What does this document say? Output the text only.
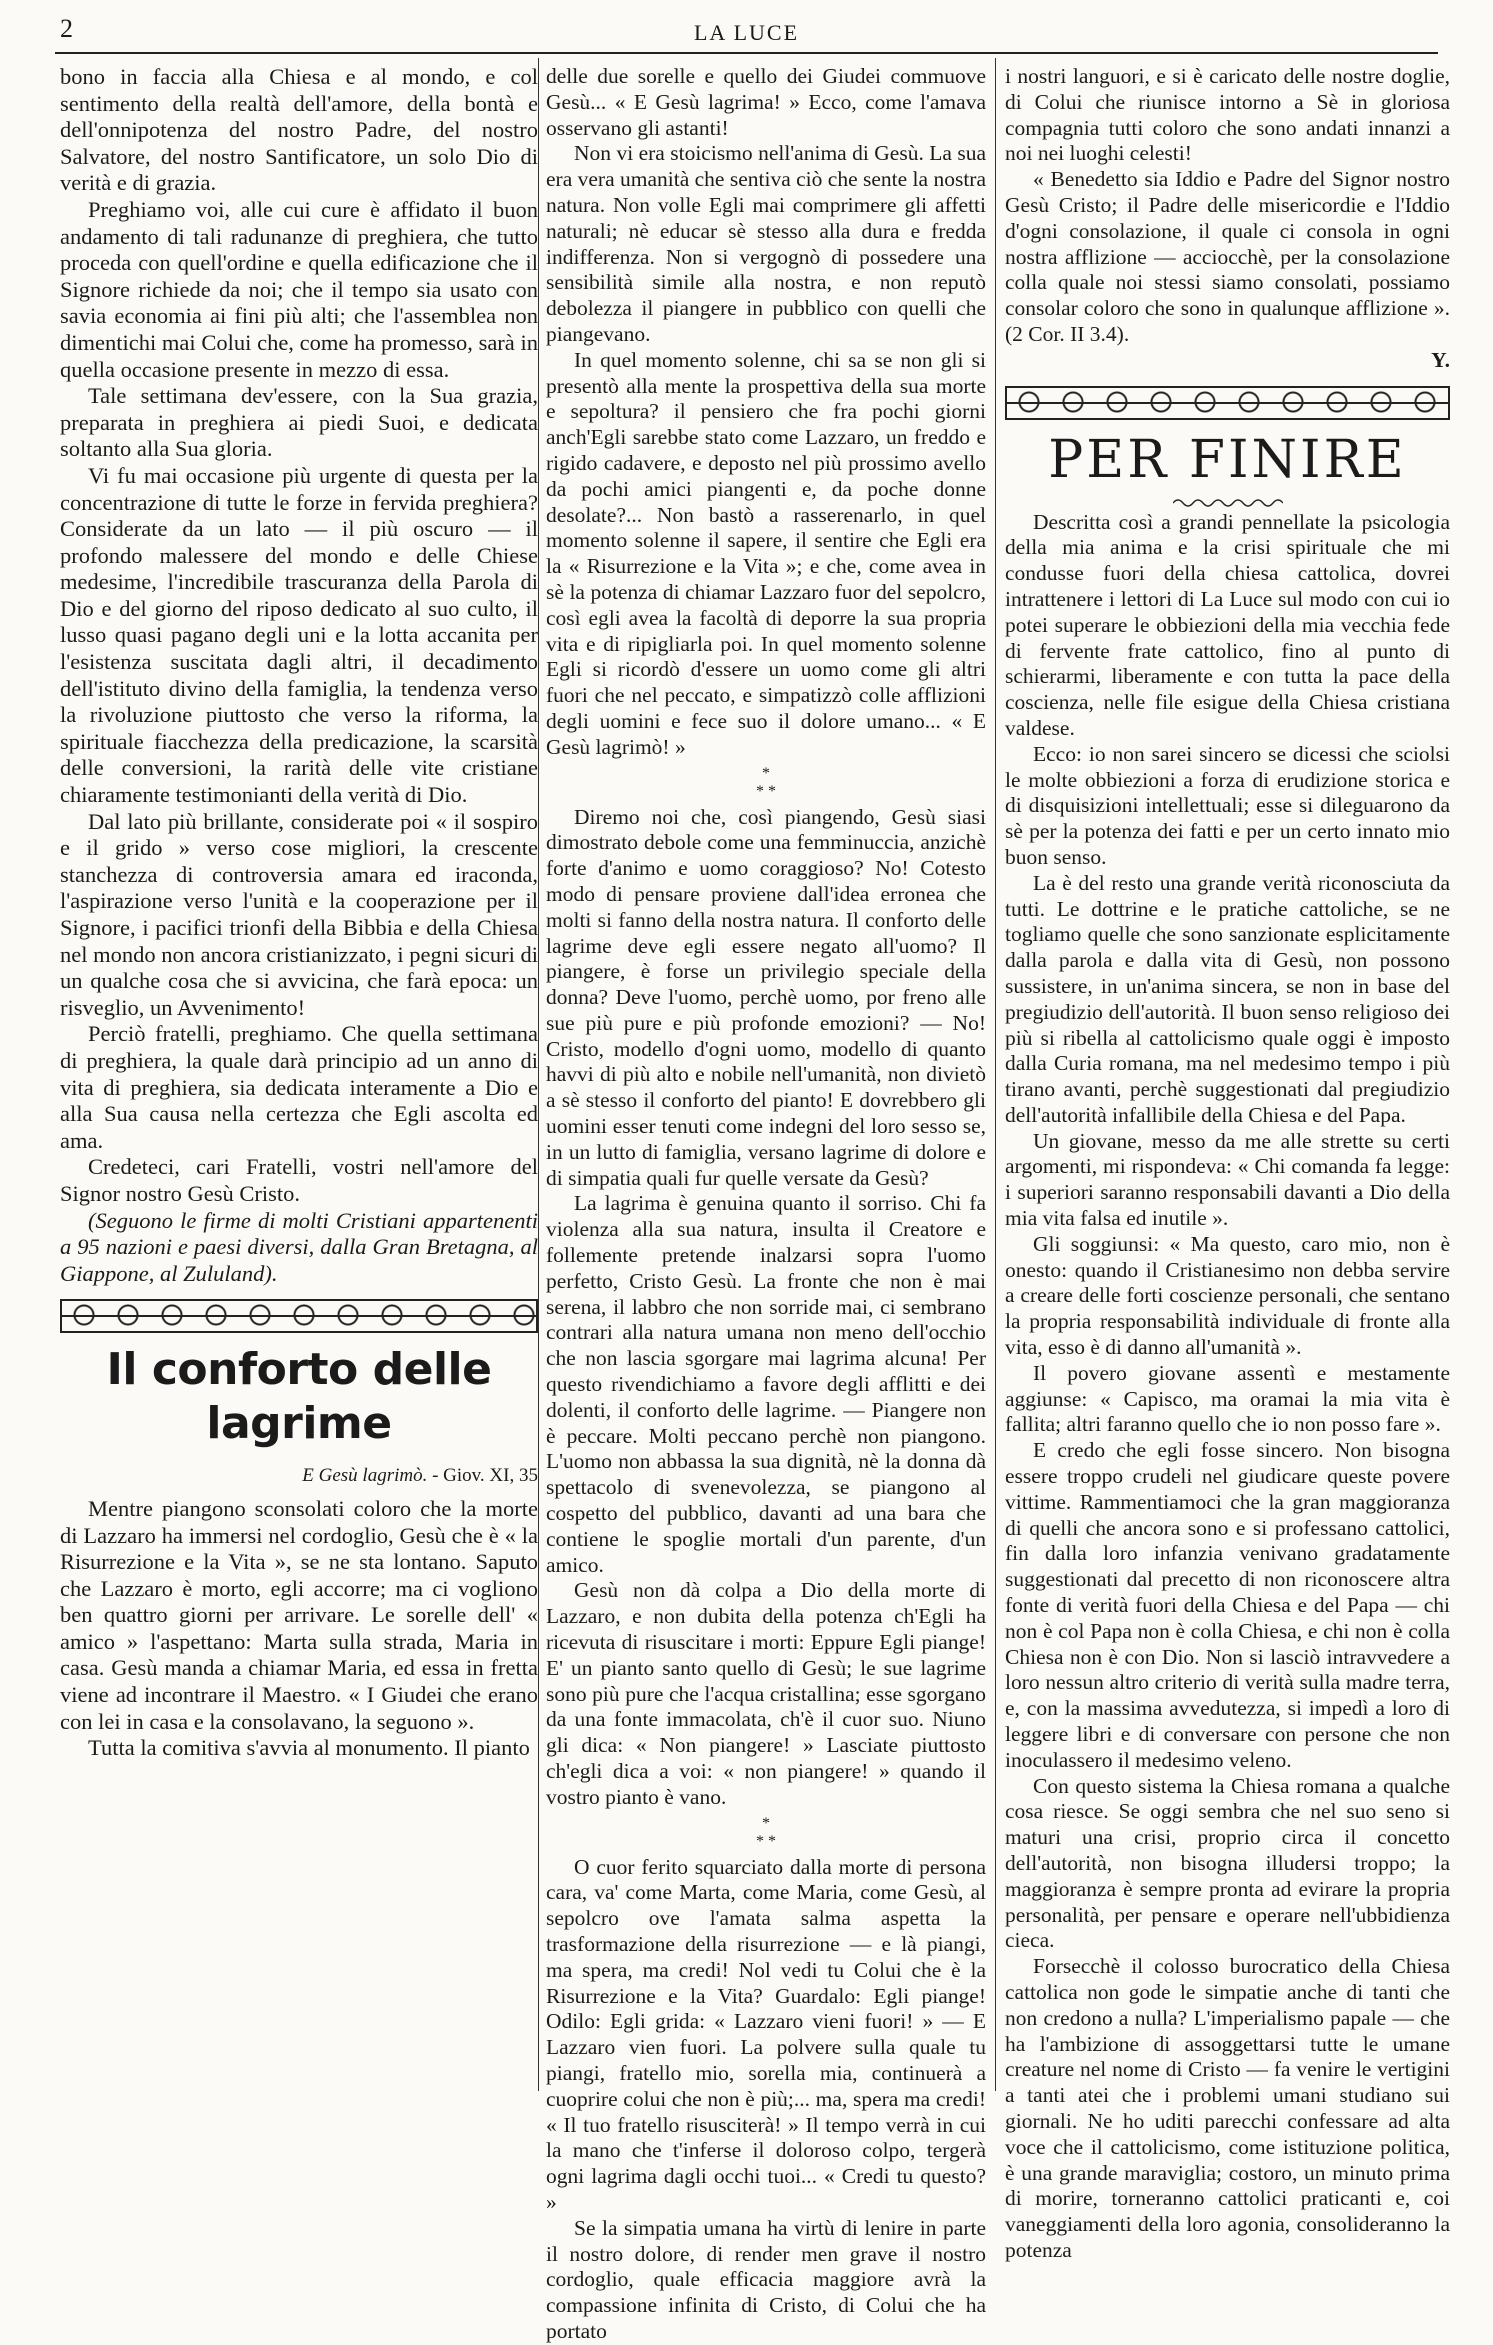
2	LA LUCE

bono in faccia alla Chiesa e al mondo, e col sentimento della realtà dell'amore, della bontà e dell'onnipotenza del nostro Padre, del nostro Salvatore, del nostro Santificatore, un solo Dio di verità e di grazia.

Preghiamo voi, alle cui cure è affidato il buon andamento di tali radunanze di preghiera, che tutto proceda con quell'ordine e quella edificazione che il Signore richiede da noi; che il tempo sia usato con savia economia ai fini più alti; che l'assemblea non dimentichi mai Colui che, come ha promesso, sarà in quella occasione presente in mezzo di essa.

Tale settimana dev'essere, con la Sua grazia, preparata in preghiera ai piedi Suoi, e dedicata soltanto alla Sua gloria.

Vi fu mai occasione più urgente di questa per la concentrazione di tutte le forze in fervida preghiera? Considerate da un lato — il più oscuro — il profondo malessere del mondo e delle Chiese medesime, l'incredibile trascuranza della Parola di Dio e del giorno del riposo dedicato al suo culto, il lusso quasi pagano degli uni e la lotta accanita per l'esistenza suscitata dagli altri, il decadimento dell'istituto divino della famiglia, la tendenza verso la rivoluzione piuttosto che verso la riforma, la spirituale fiacchezza della predicazione, la scarsità delle conversioni, la rarità delle vite cristiane chiaramente testimonianti della verità di Dio.

Dal lato più brillante, considerate poi « il sospiro e il grido » verso cose migliori, la crescente stanchezza di controversia amara ed iraconda, l'aspirazione verso l'unità e la cooperazione per il Signore, i pacifici trionfi della Bibbia e della Chiesa nel mondo non ancora cristianizzato, i pegni sicuri di un qualche cosa che si avvicina, che farà epoca: un risveglio, un Avvenimento!

Perciò fratelli, preghiamo. Che quella settimana di preghiera, la quale darà principio ad un anno di vita di preghiera, sia dedicata interamente a Dio e alla Sua causa nella certezza che Egli ascolta ed ama.

Credeteci, cari Fratelli, vostri nell'amore del Signor nostro Gesù Cristo.

(Seguono le firme di molti Cristiani appartenenti a 95 nazioni e paesi diversi, dalla Gran Bretagna, al Giappone, al Zululand).

Il conforto delle lagrime
E Gesù lagrimò. - Giov. XI, 35

Mentre piangono sconsolati coloro che la morte di Lazzaro ha immersi nel cordoglio, Gesù che è « la Risurrezione e la Vita », se ne sta lontano. Saputo che Lazzaro è morto, egli accorre; ma ci vogliono ben quattro giorni per arrivare. Le sorelle dell' « amico » l'aspettano: Marta sulla strada, Maria in casa. Gesù manda a chiamar Maria, ed essa in fretta viene ad incontrare il Maestro. « I Giudei che erano con lei in casa e la consolavano, la seguono ».

Tutta la comitiva s'avvia al monumento. Il pianto

delle due sorelle e quello dei Giudei commuove Gesù... « E Gesù lagrima! » Ecco, come l'amava osservano gli astanti!

Non vi era stoicismo nell'anima di Gesù. La sua era vera umanità che sentiva ciò che sente la nostra natura. Non volle Egli mai comprimere gli affetti naturali; nè educar sè stesso alla dura e fredda indifferenza. Non si vergognò di possedere una sensibilità simile alla nostra, e non reputò debolezza il piangere in pubblico con quelli che piangevano.

In quel momento solenne, chi sa se non gli si presentò alla mente la prospettiva della sua morte e sepoltura? il pensiero che fra pochi giorni anch'Egli sarebbe stato come Lazzaro, un freddo e rigido cadavere, e deposto nel più prossimo avello da pochi amici piangenti e, da poche donne desolate?... Non bastò a rasserenarlo, in quel momento solenne il sapere, il sentire che Egli era la « Risurrezione e la Vita »; e che, come avea in sè la potenza di chiamar Lazzaro fuor del sepolcro, così egli avea la facoltà di deporre la sua propria vita e di ripigliarla poi. In quel momento solenne Egli si ricordò d'essere un uomo come gli altri fuori che nel peccato, e simpatizzò colle afflizioni degli uomini e fece suo il dolore umano... « E Gesù lagrimò! »

*
* *

Diremo noi che, così piangendo, Gesù siasi dimostrato debole come una femminuccia, anzichè forte d'animo e uomo coraggioso? No! Cotesto modo di pensare proviene dall'idea erronea che molti si fanno della nostra natura. Il conforto delle lagrime deve egli essere negato all'uomo? Il piangere, è forse un privilegio speciale della donna? Deve l'uomo, perchè uomo, por freno alle sue più pure e più profonde emozioni? — No! Cristo, modello d'ogni uomo, modello di quanto havvi di più alto e nobile nell'umanità, non divietò a sè stesso il conforto del pianto! E dovrebbero gli uomini esser tenuti come indegni del loro sesso se, in un lutto di famiglia, versano lagrime di dolore e di simpatia quali fur quelle versate da Gesù?

La lagrima è genuina quanto il sorriso. Chi fa violenza alla sua natura, insulta il Creatore e follemente pretende inalzarsi sopra l'uomo perfetto, Cristo Gesù. La fronte che non è mai serena, il labbro che non sorride mai, ci sembrano contrari alla natura umana non meno dell'occhio che non lascia sgorgare mai lagrima alcuna! Per questo rivendichiamo a favore degli afflitti e dei dolenti, il conforto delle lagrime. — Piangere non è peccare. Molti peccano perchè non piangono. L'uomo non abbassa la sua dignità, nè la donna dà spettacolo di svenevolezza, se piangono al cospetto del pubblico, davanti ad una bara che contiene le spoglie mortali d'un parente, d'un amico.

Gesù non dà colpa a Dio della morte di Lazzaro, e non dubita della potenza ch'Egli ha ricevuta di risuscitare i morti: Eppure Egli piange! E' un pianto santo quello di Gesù; le sue lagrime sono più pure che l'acqua cristallina; esse sgorgano da una fonte immacolata, ch'è il cuor suo. Niuno gli dica: « Non piangere! » Lasciate piuttosto ch'egli dica a voi: « non piangere! » quando il vostro pianto è vano.

*
* *

O cuor ferito squarciato dalla morte di persona cara, va' come Marta, come Maria, come Gesù, al sepolcro ove l'amata salma aspetta la trasformazione della risurrezione — e là piangi, ma spera, ma credi! Nol vedi tu Colui che è la Risurrezione e la Vita? Guardalo: Egli piange! Odilo: Egli grida: « Lazzaro vieni fuori! » — E Lazzaro vien fuori. La polvere sulla quale tu piangi, fratello mio, sorella mia, continuerà a cuoprire colui che non è più;... ma, spera ma credi! « Il tuo fratello risusciterà! » Il tempo verrà in cui la mano che t'inferse il doloroso colpo, tergerà ogni lagrima dagli occhi tuoi... « Credi tu questo? »

Se la simpatia umana ha virtù di lenire in parte il nostro dolore, di render men grave il nostro cordoglio, quale efficacia maggiore avrà la compassione infinita di Cristo, di Colui che ha portato

i nostri languori, e si è caricato delle nostre doglie, di Colui che riunisce intorno a Sè in gloriosa compagnia tutti coloro che sono andati innanzi a noi nei luoghi celesti!

« Benedetto sia Iddio e Padre del Signor nostro Gesù Cristo; il Padre delle misericordie e l'Iddio d'ogni consolazione, il quale ci consola in ogni nostra afflizione — acciocchè, per la consolazione colla quale noi stessi siamo consolati, possiamo consolar coloro che sono in qualunque afflizione ». (2 Cor. II 3.4).

Y.

PER FINIRE

Descritta così a grandi pennellate la psicologia della mia anima e la crisi spirituale che mi condusse fuori della chiesa cattolica, dovrei intrattenere i lettori di La Luce sul modo con cui io potei superare le obbiezioni della mia vecchia fede di fervente frate cattolico, fino al punto di schierarmi, liberamente e con tutta la pace della coscienza, nelle file esigue della Chiesa cristiana valdese.

Ecco: io non sarei sincero se dicessi che sciolsi le molte obbiezioni a forza di erudizione storica e di disquisizioni intellettuali; esse si dileguarono da sè per la potenza dei fatti e per un certo innato mio buon senso.

La è del resto una grande verità riconosciuta da tutti. Le dottrine e le pratiche cattoliche, se ne togliamo quelle che sono sanzionate esplicitamente dalla parola e dalla vita di Gesù, non possono sussistere, in un'anima sincera, se non in base del pregiudizio dell'autorità. Il buon senso religioso dei più si ribella al cattolicismo quale oggi è imposto dalla Curia romana, ma nel medesimo tempo i più tirano avanti, perchè suggestionati dal pregiudizio dell'autorità infallibile della Chiesa e del Papa.

Un giovane, messo da me alle strette su certi argomenti, mi rispondeva: « Chi comanda fa legge: i superiori saranno responsabili davanti a Dio della mia vita falsa ed inutile ».

Gli soggiunsi: « Ma questo, caro mio, non è onesto: quando il Cristianesimo non debba servire a creare delle forti coscienze personali, che sentano la propria responsabilità individuale di fronte alla vita, esso è di danno all'umanità ».

Il povero giovane assentì e mestamente aggiunse: « Capisco, ma oramai la mia vita è fallita; altri faranno quello che io non posso fare ».

E credo che egli fosse sincero. Non bisogna essere troppo crudeli nel giudicare queste povere vittime. Rammentiamoci che la gran maggioranza di quelli che ancora sono e si professano cattolici, fin dalla loro infanzia venivano gradatamente suggestionati dal precetto di non riconoscere altra fonte di verità fuori della Chiesa e del Papa — chi non è col Papa non è colla Chiesa, e chi non è colla Chiesa non è con Dio. Non si lasciò intravvedere a loro nessun altro criterio di verità sulla madre terra, e, con la massima avvedutezza, si impedì a loro di leggere libri e di conversare con persone che non inoculassero il medesimo veleno.

Con questo sistema la Chiesa romana a qualche cosa riesce. Se oggi sembra che nel suo seno si maturi una crisi, proprio circa il concetto dell'autorità, non bisogna illudersi troppo; la maggioranza è sempre pronta ad evirare la propria personalità, per pensare e operare nell'ubbidienza cieca.

Forsecchè il colosso burocratico della Chiesa cattolica non gode le simpatie anche di tanti che non credono a nulla? L'imperialismo papale — che ha l'ambizione di assoggettarsi tutte le umane creature nel nome di Cristo — fa venire le vertigini a tanti atei che i problemi umani studiano sui giornali. Ne ho uditi parecchi confessare ad alta voce che il cattolicismo, come istituzione politica, è una grande maraviglia; costoro, un minuto prima di morire, torneranno cattolici praticanti e, coi vaneggiamenti della loro agonia, consolideranno la potenza
